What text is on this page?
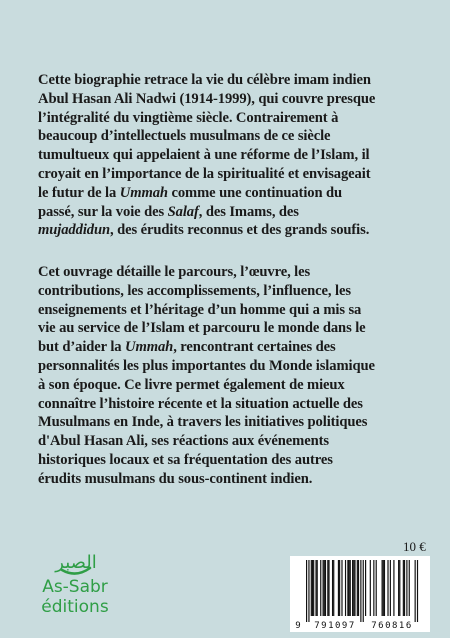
Cette biographie retrace la vie du célèbre imam indien
Abul Hasan Ali Nadwi (1914-1999), qui couvre presque
l’intégralité du vingtième siècle. Contrairement à
beaucoup d’intellectuels musulmans de ce siècle
tumultueux qui appelaient à une réforme de l’Islam, il
croyait en l’importance de la spiritualité et envisageait
le futur de la Ummah comme une continuation du
passé, sur la voie des Salaf, des Imams, des
mujaddidun, des érudits reconnus et des grands soufis.
Cet ouvrage détaille le parcours, l’œuvre, les
contributions, les accomplissements, l’influence, les
enseignements et l’héritage d’un homme qui a mis sa
vie au service de l’Islam et parcouru le monde dans le
but d’aider la Ummah, rencontrant certaines des
personnalités les plus importantes du Monde islamique
à son époque. Ce livre permet également de mieux
connaître l’histoire récente et la situation actuelle des
Musulmans en Inde, à travers les initiatives politiques
d'Abul Hasan Ali, ses réactions aux événements
historiques locaux et sa fréquentation des autres
érudits musulmans du sous-continent indien.
10 €
الصبر
As-Sabr
éditions
9 791097 760816
